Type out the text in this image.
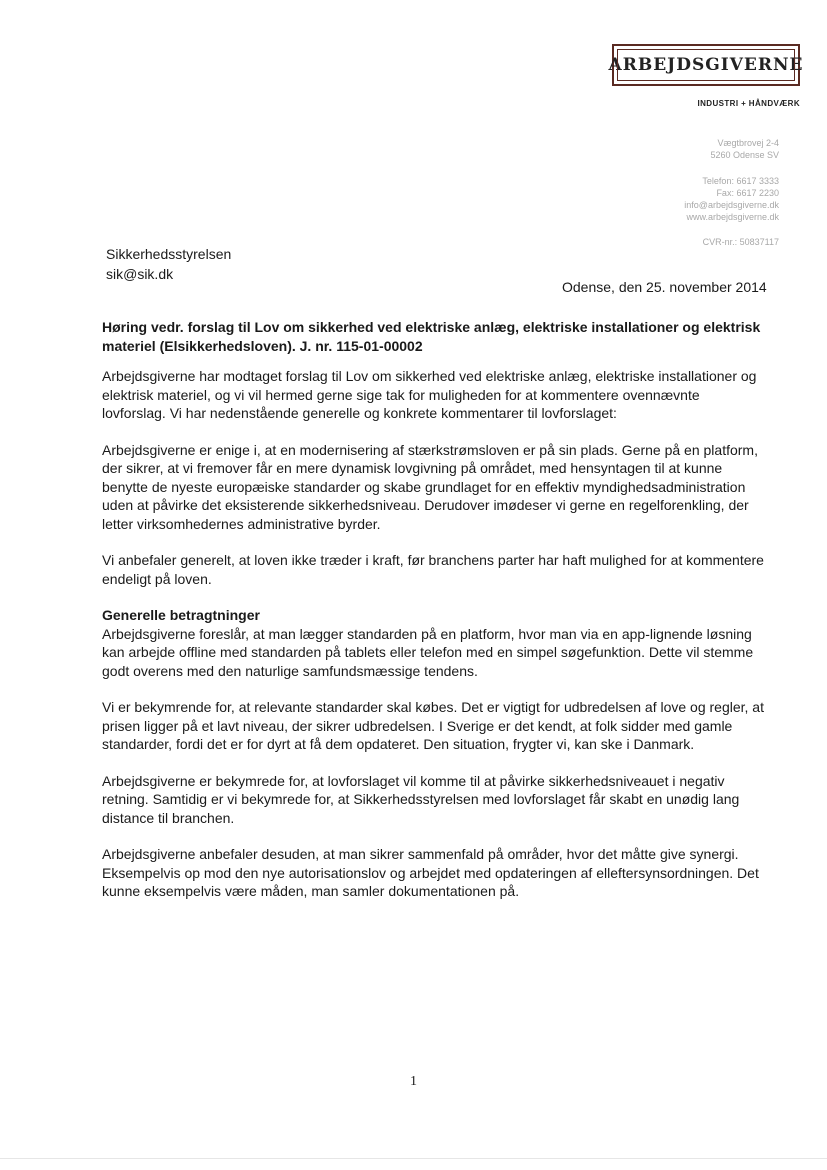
ARBEJDSGIVERNE
INDUSTRI + HÅNDVÆRK
Vægtbrovej 2-4
5260 Odense SV
Telefon: 6617 3333
Fax: 6617 2230
info@arbejdsgiverne.dk
www.arbejdsgiverne.dk
CVR-nr.: 50837117
Sikkerhedsstyrelsen
sik@sik.dk
Odense, den 25. november 2014

Høring vedr. forslag til Lov om sikkerhed ved elektriske anlæg, elektriske installationer og elektrisk materiel (Elsikkerhedsloven). J. nr. 115-01-00002

Arbejdsgiverne har modtaget forslag til Lov om sikkerhed ved elektriske anlæg, elektriske installationer og elektrisk materiel, og vi vil hermed gerne sige tak for muligheden for at kommentere ovennævnte lovforslag. Vi har nedenstående generelle og konkrete kommentarer til lovforslaget:

Arbejdsgiverne er enige i, at en modernisering af stærkstrømsloven er på sin plads. Gerne på en platform, der sikrer, at vi fremover får en mere dynamisk lovgivning på området, med hensyntagen til at kunne benytte de nyeste europæiske standarder og skabe grundlaget for en effektiv myndighedsadministration uden at påvirke det eksisterende sikkerhedsniveau. Derudover imødeser vi gerne en regelforenkling, der letter virksomhedernes administrative byrder.

Vi anbefaler generelt, at loven ikke træder i kraft, før branchens parter har haft mulighed for at kommentere endeligt på loven.

Generelle betragtninger

Arbejdsgiverne foreslår, at man lægger standarden på en platform, hvor man via en app-lignende løsning kan arbejde offline med standarden på tablets eller telefon med en simpel søgefunktion. Dette vil stemme godt overens med den naturlige samfundsmæssige tendens.

Vi er bekymrende for, at relevante standarder skal købes. Det er vigtigt for udbredelsen af love og regler, at prisen ligger på et lavt niveau, der sikrer udbredelsen. I Sverige er det kendt, at folk sidder med gamle standarder, fordi det er for dyrt at få dem opdateret. Den situation, frygter vi, kan ske i Danmark.

Arbejdsgiverne er bekymrede for, at lovforslaget vil komme til at påvirke sikkerhedsniveauet i negativ retning. Samtidig er vi bekymrede for, at Sikkerhedsstyrelsen med lovforslaget får skabt en unødig lang distance til branchen.

Arbejdsgiverne anbefaler desuden, at man sikrer sammenfald på områder, hvor det måtte give synergi. Eksempelvis op mod den nye autorisationslov og arbejdet med opdateringen af elleftersynsordningen. Det kunne eksempelvis være måden, man samler dokumentationen på.

1
